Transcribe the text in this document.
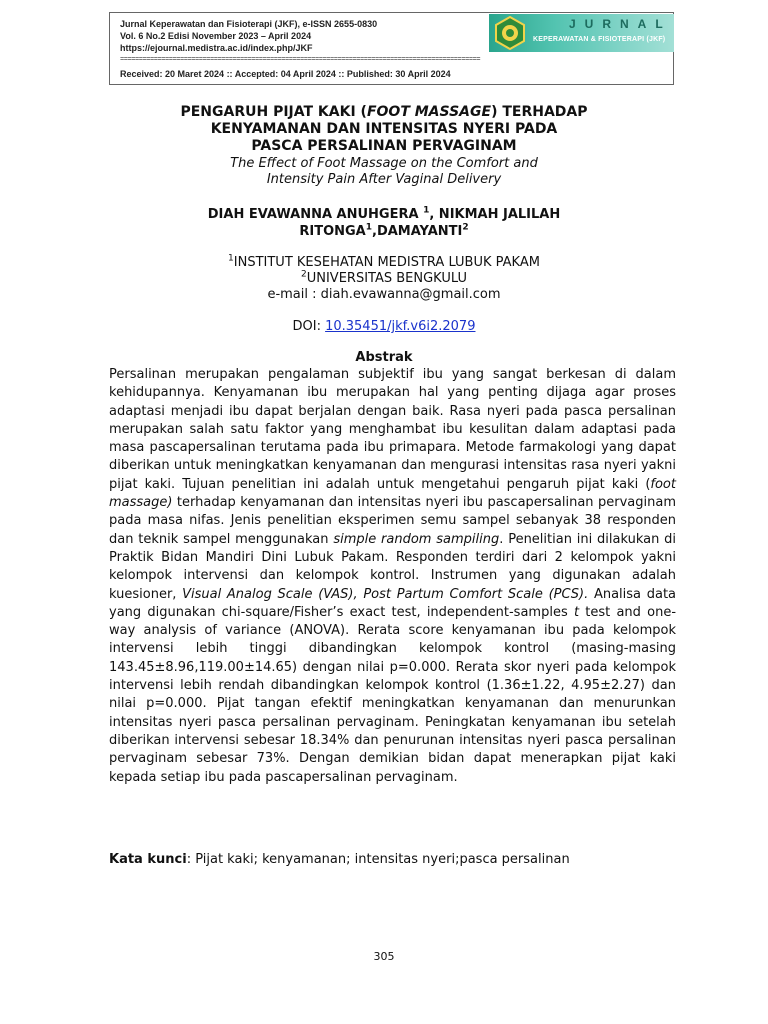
Jurnal Keperawatan dan Fisioterapi (JKF), e-ISSN 2655-0830
Vol. 6 No.2 Edisi November 2023 – April 2024
https://ejournal.medistra.ac.id/index.php/JKF
================================================================================================
Received: 20 Maret 2024 :: Accepted: 04 April 2024 :: Published: 30 April 2024
JURNAL
KEPERAWATAN & FISIOTERAPI (JKF)
PENGARUH PIJAT KAKI (FOOT MASSAGE) TERHADAP
KENYAMANAN DAN INTENSITAS NYERI PADA
PASCA PERSALINAN PERVAGINAM
The Effect of Foot Massage on the Comfort and
Intensity Pain After Vaginal Delivery
DIAH EVAWANNA ANUHGERA $^1$, NIKMAH JALILAH
RITONGA$^1$,DAMAYANTI$^2$
$^1$INSTITUT KESEHATAN MEDISTRA LUBUK PAKAM
$^2$UNIVERSITAS BENGKULU
e-mail : diah.evawanna@gmail.com
DOI: 10.35451/jkf.v6i2.2079
Abstrak
Persalinan merupakan pengalaman subjektif ibu yang sangat berkesan di dalam kehidupannya. Kenyamanan ibu merupakan hal yang penting dijaga agar proses adaptasi menjadi ibu dapat berjalan dengan baik. Rasa nyeri pada pasca persalinan merupakan salah satu faktor yang menghambat ibu kesulitan dalam adaptasi pada masa pascapersalinan terutama pada ibu primapara. Metode farmakologi yang dapat diberikan untuk meningkatkan kenyamanan dan mengurasi intensitas rasa nyeri yakni pijat kaki. Tujuan penelitian ini adalah untuk mengetahui pengaruh pijat kaki (foot massage) terhadap kenyamanan dan intensitas nyeri ibu pascapersalinan pervaginam pada masa nifas. Jenis penelitian eksperimen semu sampel sebanyak 38 responden dan teknik sampel menggunakan simple random sampiling. Penelitian ini dilakukan di Praktik Bidan Mandiri Dini Lubuk Pakam. Responden terdiri dari 2 kelompok yakni kelompok intervensi dan kelompok kontrol. Instrumen yang digunakan adalah kuesioner, Visual Analog Scale (VAS), Post Partum Comfort Scale (PCS). Analisa data yang digunakan chi-square/Fisher’s exact test, independent-samples t test and one-way analysis of variance (ANOVA). Rerata score kenyamanan ibu pada kelompok intervensi lebih tinggi dibandingkan kelompok kontrol (masing-masing 143.45±8.96,119.00±14.65) dengan nilai p=0.000. Rerata skor nyeri pada kelompok intervensi lebih rendah dibandingkan kelompok kontrol (1.36±1.22, 4.95±2.27) dan nilai p=0.000. Pijat tangan efektif meningkatkan kenyamanan dan menurunkan intensitas nyeri pasca persalinan pervaginam. Peningkatan kenyamanan ibu setelah diberikan intervensi sebesar 18.34% dan penurunan intensitas nyeri pasca persalinan pervaginam sebesar 73%. Dengan demikian bidan dapat menerapkan pijat kaki kepada setiap ibu pada pascapersalinan pervaginam.
Kata kunci: Pijat kaki; kenyamanan; intensitas nyeri;pasca persalinan
305
